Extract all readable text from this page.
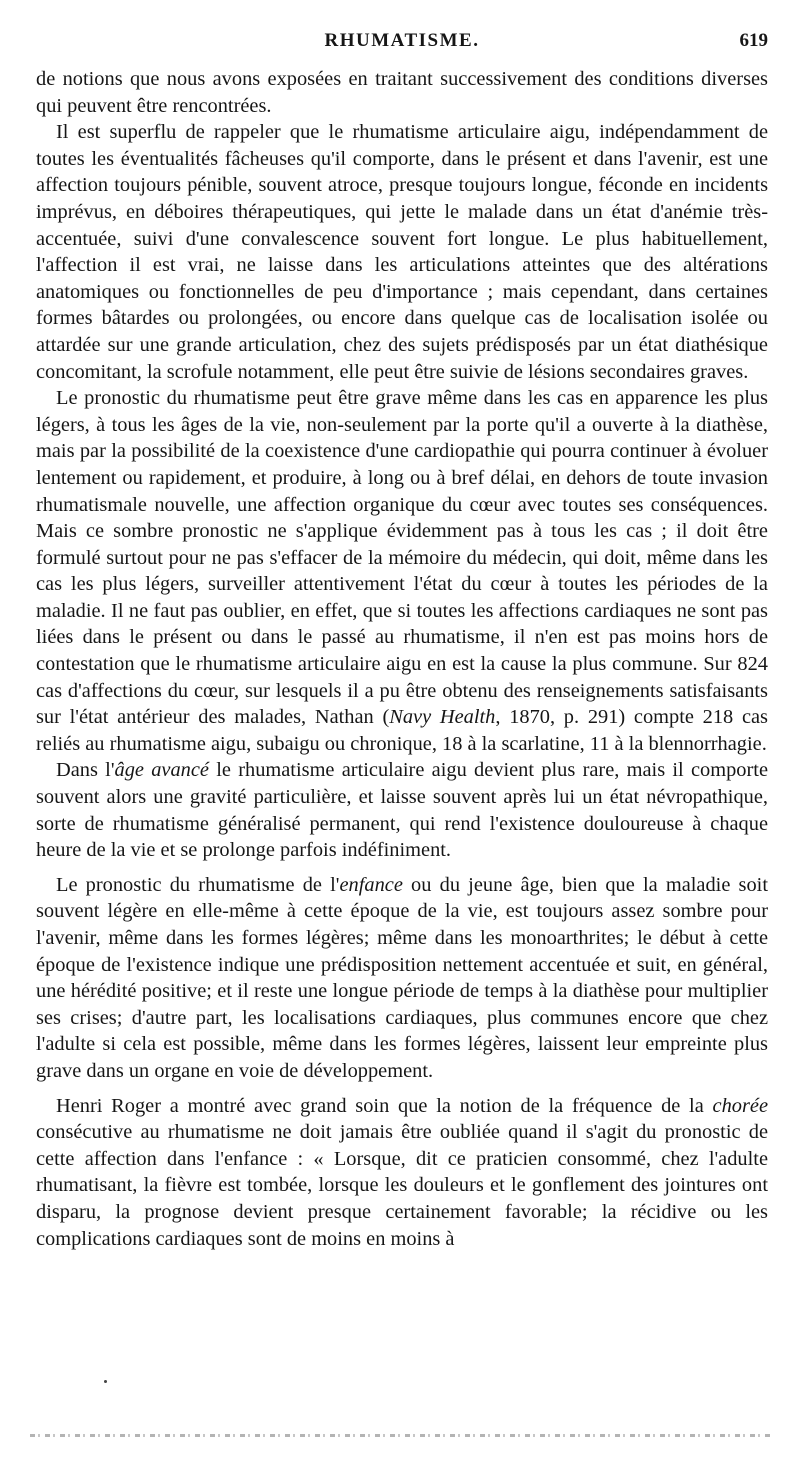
RHUMATISME.	619

de notions que nous avons exposées en traitant successivement des conditions diverses qui peuvent être rencontrées.

Il est superflu de rappeler que le rhumatisme articulaire aigu, indépendamment de toutes les éventualités fâcheuses qu'il comporte, dans le présent et dans l'avenir, est une affection toujours pénible, souvent atroce, presque toujours longue, féconde en incidents imprévus, en déboires thérapeutiques, qui jette le malade dans un état d'anémie très-accentuée, suivi d'une convalescence souvent fort longue. Le plus habituellement, l'affection il est vrai, ne laisse dans les articulations atteintes que des altérations anatomiques ou fonctionnelles de peu d'importance ; mais cependant, dans certaines formes bâtardes ou prolongées, ou encore dans quelque cas de localisation isolée ou attardée sur une grande articulation, chez des sujets prédisposés par un état diathésique concomitant, la scrofule notamment, elle peut être suivie de lésions secondaires graves.

Le pronostic du rhumatisme peut être grave même dans les cas en apparence les plus légers, à tous les âges de la vie, non-seulement par la porte qu'il a ouverte à la diathèse, mais par la possibilité de la coexistence d'une cardiopathie qui pourra continuer à évoluer lentement ou rapidement, et produire, à long ou à bref délai, en dehors de toute invasion rhumatismale nouvelle, une affection organique du cœur avec toutes ses conséquences. Mais ce sombre pronostic ne s'applique évidemment pas à tous les cas ; il doit être formulé surtout pour ne pas s'effacer de la mémoire du médecin, qui doit, même dans les cas les plus légers, surveiller attentivement l'état du cœur à toutes les périodes de la maladie. Il ne faut pas oublier, en effet, que si toutes les affections cardiaques ne sont pas liées dans le présent ou dans le passé au rhumatisme, il n'en est pas moins hors de contestation que le rhumatisme articulaire aigu en est la cause la plus commune. Sur 824 cas d'affections du cœur, sur lesquels il a pu être obtenu des renseignements satisfaisants sur l'état antérieur des malades, Nathan (Navy Health, 1870, p. 291) compte 218 cas reliés au rhumatisme aigu, subaigu ou chronique, 18 à la scarlatine, 11 à la blennorrhagie.

Dans l'âge avancé le rhumatisme articulaire aigu devient plus rare, mais il comporte souvent alors une gravité particulière, et laisse souvent après lui un état névropathique, sorte de rhumatisme généralisé permanent, qui rend l'existence douloureuse à chaque heure de la vie et se prolonge parfois indéfiniment.

Le pronostic du rhumatisme de l'enfance ou du jeune âge, bien que la maladie soit souvent légère en elle-même à cette époque de la vie, est toujours assez sombre pour l'avenir, même dans les formes légères; même dans les monoarthrites; le début à cette époque de l'existence indique une prédisposition nettement accentuée et suit, en général, une hérédité positive; et il reste une longue période de temps à la diathèse pour multiplier ses crises; d'autre part, les localisations cardiaques, plus communes encore que chez l'adulte si cela est possible, même dans les formes légères, laissent leur empreinte plus grave dans un organe en voie de développement.

Henri Roger a montré avec grand soin que la notion de la fréquence de la chorée consécutive au rhumatisme ne doit jamais être oubliée quand il s'agit du pronostic de cette affection dans l'enfance : « Lorsque, dit ce praticien consommé, chez l'adulte rhumatisant, la fièvre est tombée, lorsque les douleurs et le gonflement des jointures ont disparu, la prognose devient presque certainement favorable; la récidive ou les complications cardiaques sont de moins en moins à
